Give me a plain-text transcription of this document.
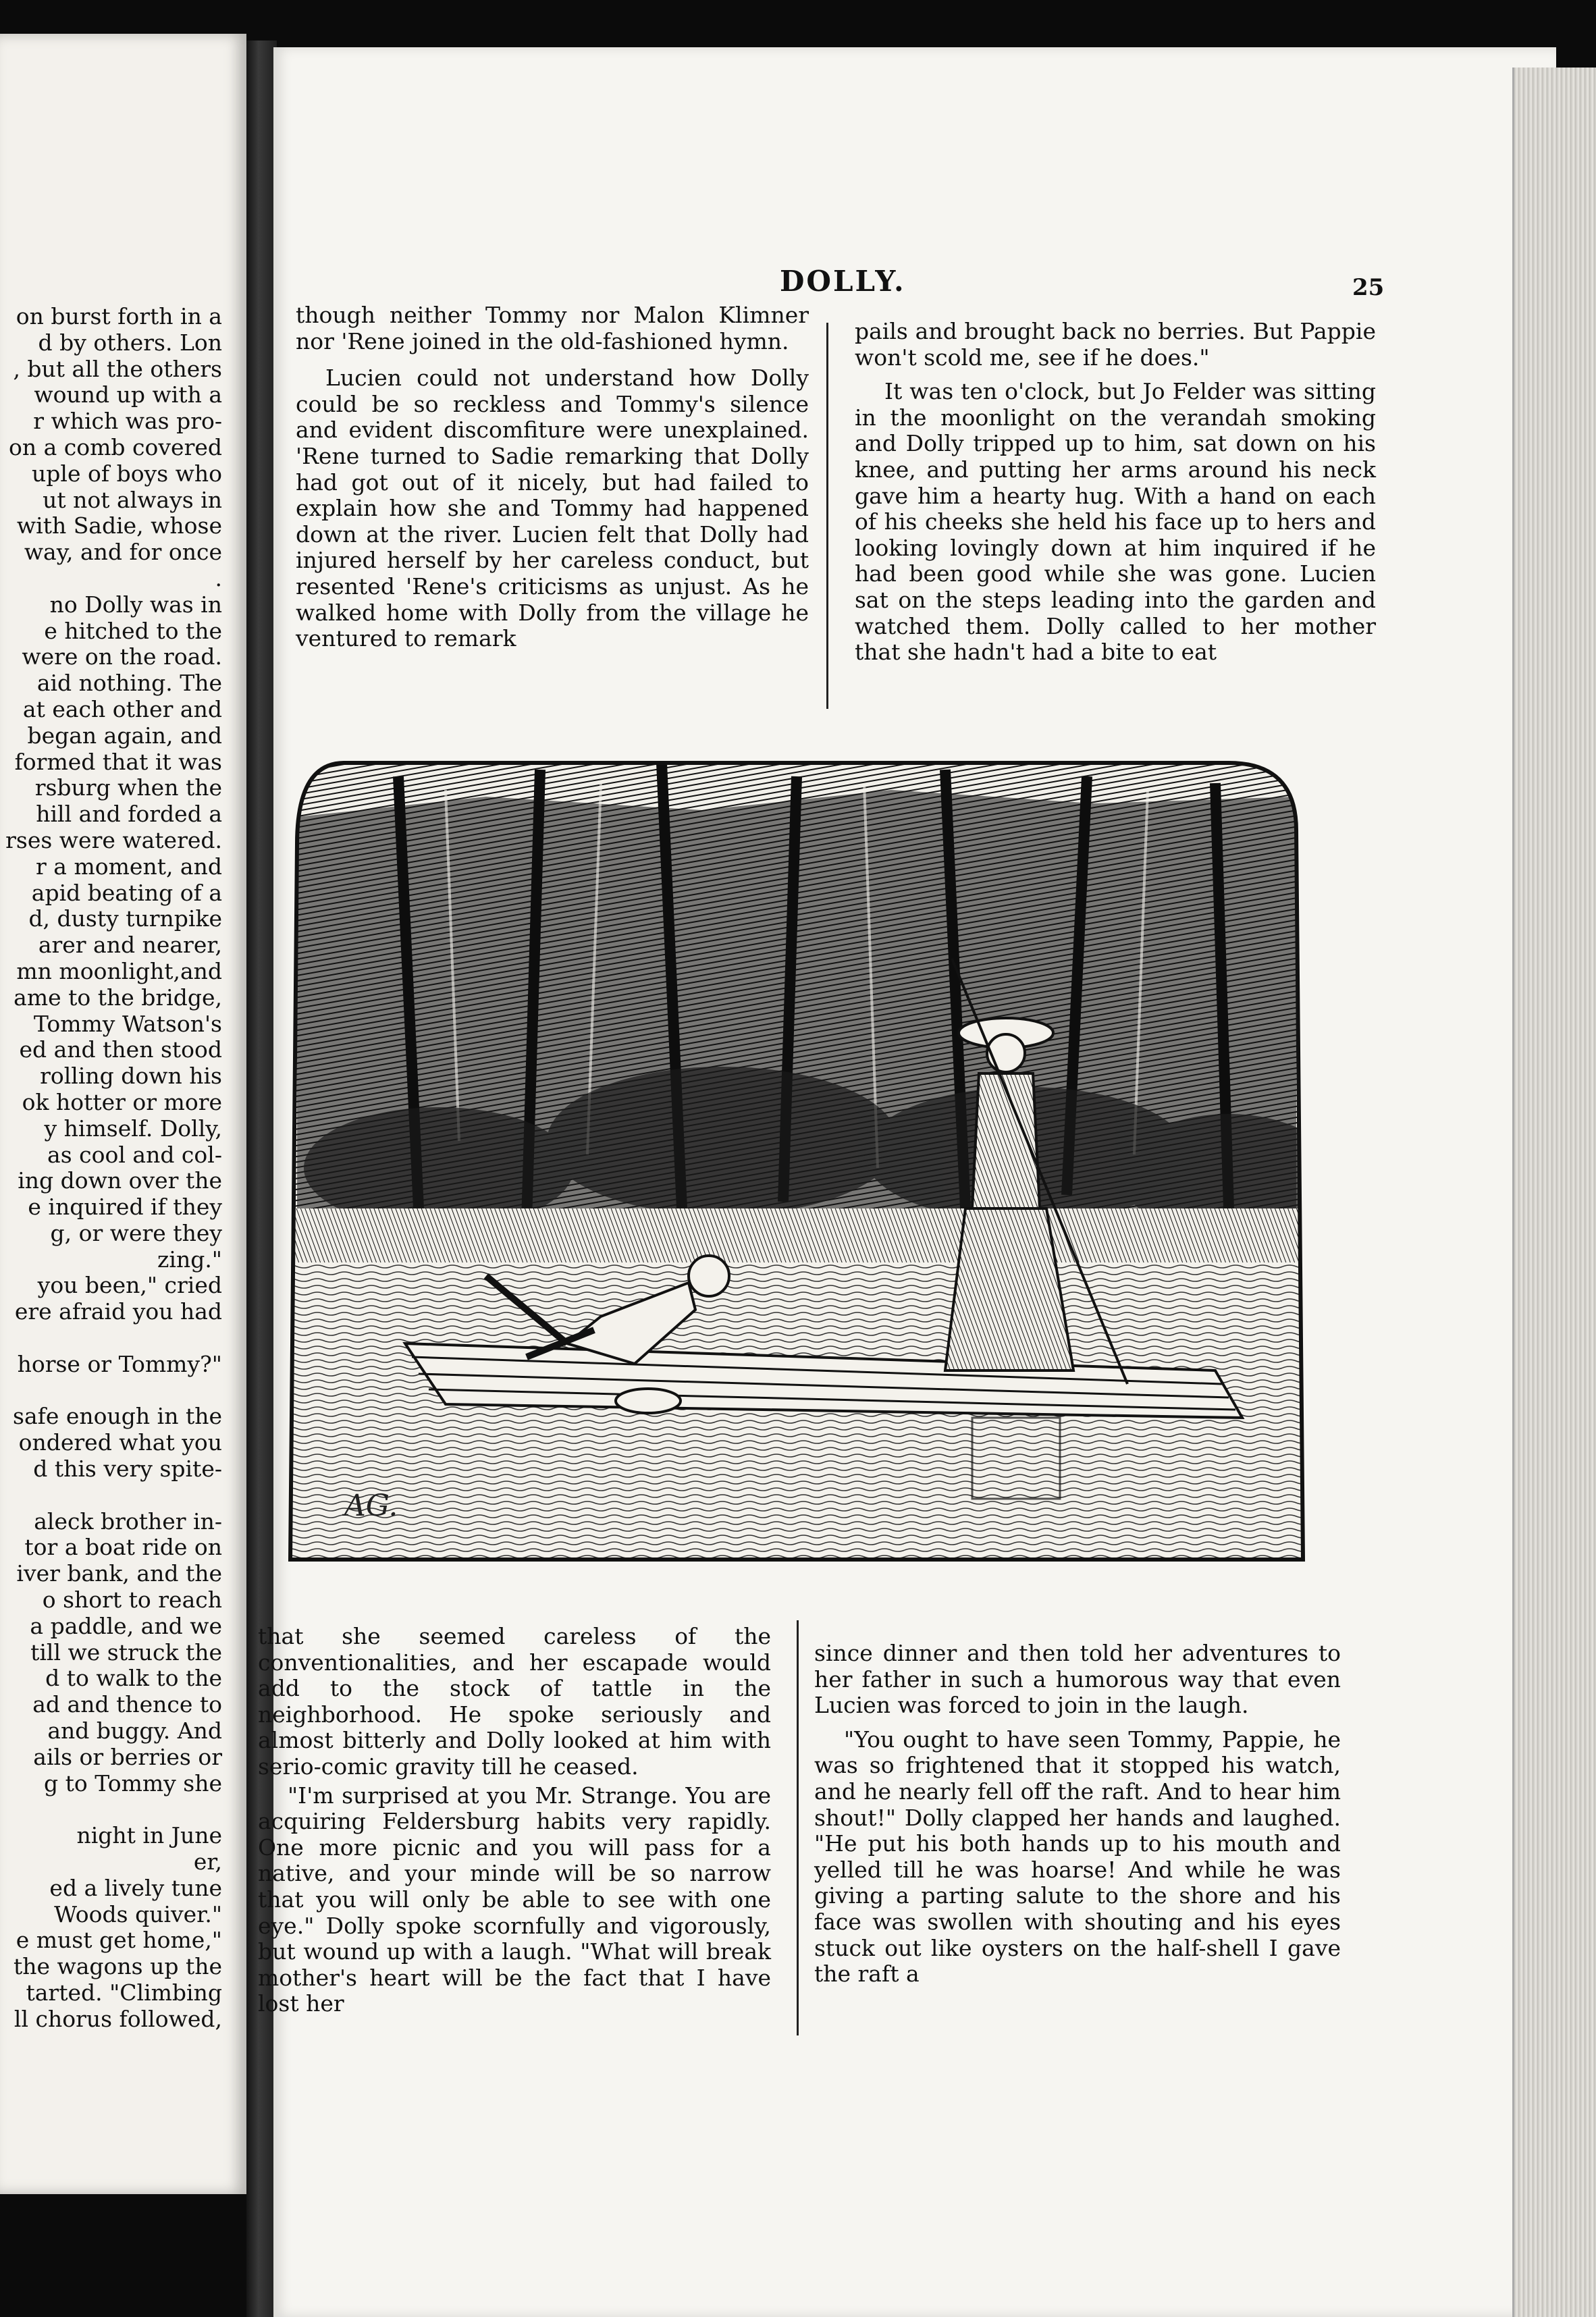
on burst forth in a
d by others. Lon
, but all the others
wound up with a
r which was pro-
on a comb covered
uple of boys who
ut not always in
with Sadie, whose
way, and for once
.
no Dolly was in
e hitched to the
were on the road.
aid nothing. The
at each other and
began again, and
formed that it was
rsburg when the
hill and forded a
rses were watered.
r a moment, and
apid beating of a
d, dusty turnpike
arer and nearer,
mn moonlight,and
ame to the bridge,
Tommy Watson's
ed and then stood
rolling down his
ok hotter or more
y himself. Dolly,
as cool and col-
ing down over the
e inquired if they
g, or were they
zing."
you been," cried
ere afraid you had
horse or Tommy?"
safe enough in the
ondered what you
d this very spite-
aleck brother in-
tor a boat ride on
iver bank, and the
o short to reach
a paddle, and we
till we struck the
d to walk to the
ad and thence to
and buggy. And
ails or berries or
g to Tommy she
night in June
er,
ed a lively tune
Woods quiver."
e must get home,"
the wagons up the
tarted. "Climbing
ll chorus followed,
DOLLY.	25

though neither Tommy nor Malon Klimner nor 'Rene joined in the old-fashioned hymn.

Lucien could not understand how Dolly could be so reckless and Tommy's silence and evident discomfiture were unexplained. 'Rene turned to Sadie remarking that Dolly had got out of it nicely, but had failed to explain how she and Tommy had happened down at the river. Lucien felt that Dolly had injured herself by her careless conduct, but resented 'Rene's criticisms as unjust. As he walked home with Dolly from the village he ventured to remark

pails and brought back no berries. But Pappie won't scold me, see if he does."

It was ten o'clock, but Jo Felder was sitting in the moonlight on the verandah smoking and Dolly tripped up to him, sat down on his knee, and putting her arms around his neck gave him a hearty hug. With a hand on each of his cheeks she held his face up to hers and looking lovingly down at him inquired if he had been good while she was gone. Lucien sat on the steps leading into the garden and watched them. Dolly called to her mother that she hadn't had a bite to eat

AG.

that she seemed careless of the conventionalities, and her escapade would add to the stock of tattle in the neighborhood. He spoke seriously and almost bitterly and Dolly looked at him with serio-comic gravity till he ceased.

"I'm surprised at you Mr. Strange. You are acquiring Feldersburg habits very rapidly. One more picnic and you will pass for a native, and your minde will be so narrow that you will only be able to see with one eye." Dolly spoke scornfully and vigorously, but wound up with a laugh. "What will break mother's heart will be the fact that I have lost her

since dinner and then told her adventures to her father in such a humorous way that even Lucien was forced to join in the laugh.

"You ought to have seen Tommy, Pappie, he was so frightened that it stopped his watch, and he nearly fell off the raft. And to hear him shout!" Dolly clapped her hands and laughed. "He put his both hands up to his mouth and yelled till he was hoarse! And while he was giving a parting salute to the shore and his face was swollen with shouting and his eyes stuck out like oysters on the half-shell I gave the raft a
